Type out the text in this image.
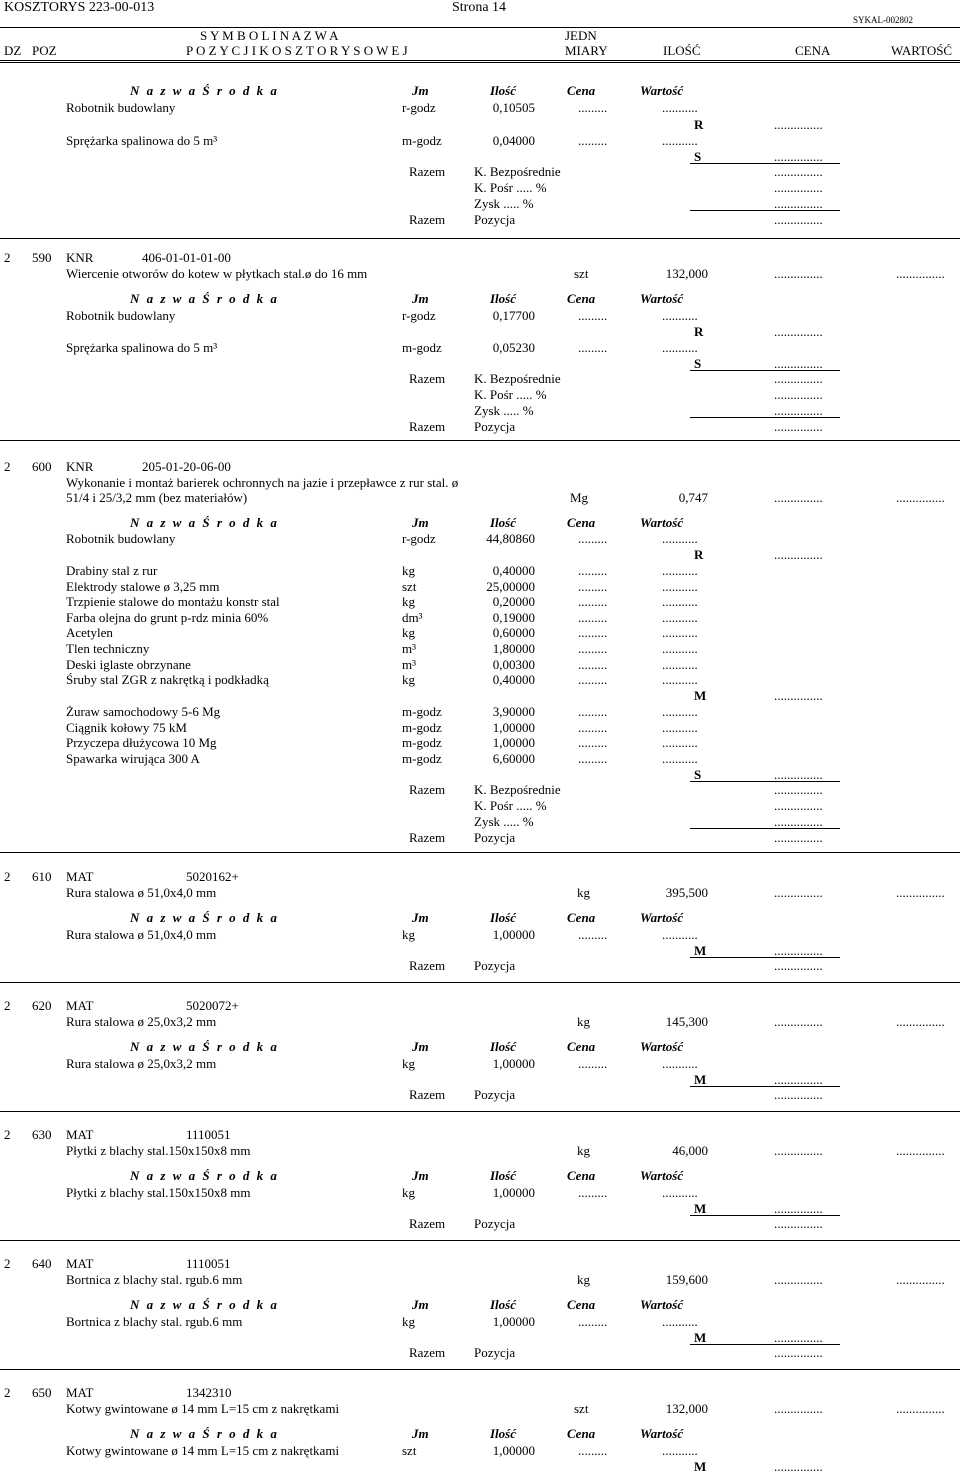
KOSZTORYS 223-00-013	Strona 14
SYKAL-002802
S Y M B O L I N A Z W A	JEDN
DZ POZ	P O Z Y C J I K O S Z T O R Y S O W E J	MIARY	ILOŚĆ	CENA	WARTOŚĆ
N a z w a Ś r o d k a	Jm	Ilość	Cena	Wartość
Robotnik budowlany	r-godz	0,10505	.........	...........
R	...............
Sprężarka spalinowa do 5 m³	m-godz	0,04000	.........	...........
S	...............
Razem K. Bezpośrednie	...............
K. Pośr ..... %	...............
Zysk ..... %	...............
Razem Pozycja	...............
2 590 KNR	406-01-01-01-00
Wiercenie otworów do kotew w płytkach stal.ø do 16 mm	szt	132,000	...............	...............
N a z w a Ś r o d k a	Jm	Ilość	Cena	Wartość
Robotnik budowlany	r-godz	0,17700	.........	...........
R	...............
Sprężarka spalinowa do 5 m³	m-godz	0,05230	.........	...........
S	...............
Razem K. Bezpośrednie	...............
K. Pośr ..... %	...............
Zysk ..... %	...............
Razem Pozycja	...............
2 600 KNR	205-01-20-06-00
Wykonanie i montaż barierek ochronnych na jazie i przepławce z rur stal. ø
51/4 i 25/3,2 mm (bez materiałów)	Mg	0,747	...............	...............
N a z w a Ś r o d k a	Jm	Ilość	Cena	Wartość
Robotnik budowlany	r-godz	44,80860	.........	...........
R	...............
Drabiny stal z rur	kg	0,40000	.........	...........
Elektrody stalowe ø 3,25 mm	szt	25,00000	.........	...........
Trzpienie stalowe do montażu konstr stal	kg	0,20000	.........	...........
Farba olejna do grunt p-rdz minia 60%	dm³	0,19000	.........	...........
Acetylen	kg	0,60000	.........	...........
Tlen techniczny	m³	1,80000	.........	...........
Deski iglaste obrzynane	m³	0,00300	.........	...........
Śruby stal ZGR z nakrętką i podkładką	kg	0,40000	.........	...........
M	...............
Żuraw samochodowy 5-6 Mg	m-godz	3,90000	.........	...........
Ciągnik kołowy 75 kM	m-godz	1,00000	.........	...........
Przyczepa dłużycowa 10 Mg	m-godz	1,00000	.........	...........
Spawarka wirująca 300 A	m-godz	6,60000	.........	...........
S	...............
Razem K. Bezpośrednie	...............
K. Pośr ..... %	...............
Zysk ..... %	...............
Razem Pozycja	...............
2 610 MAT	5020162+
Rura stalowa ø 51,0x4,0 mm	kg	395,500	...............	...............
N a z w a Ś r o d k a	Jm	Ilość	Cena	Wartość
Rura stalowa ø 51,0x4,0 mm	kg	1,00000	.........	...........
M	...............
Razem Pozycja	...............
2 620 MAT	5020072+
Rura stalowa ø 25,0x3,2 mm	kg	145,300	...............	...............
N a z w a Ś r o d k a	Jm	Ilość	Cena	Wartość
Rura stalowa ø 25,0x3,2 mm	kg	1,00000	.........	...........
M	...............
Razem Pozycja	...............
2 630 MAT	1110051
Płytki z blachy stal.150x150x8 mm	kg	46,000	...............	...............
N a z w a Ś r o d k a	Jm	Ilość	Cena	Wartość
Płytki z blachy stal.150x150x8 mm	kg	1,00000	.........	...........
M	...............
Razem Pozycja	...............
2 640 MAT	1110051
Bortnica z blachy stal. rgub.6 mm	kg	159,600	...............	...............
N a z w a Ś r o d k a	Jm	Ilość	Cena	Wartość
Bortnica z blachy stal. rgub.6 mm	kg	1,00000	.........	...........
M	...............
Razem Pozycja	...............
2 650 MAT	1342310
Kotwy gwintowane ø 14 mm L=15 cm z nakrętkami	szt	132,000	...............	...............
N a z w a Ś r o d k a	Jm	Ilość	Cena	Wartość
Kotwy gwintowane ø 14 mm L=15 cm z nakrętkami	szt	1,00000	.........	...........
M	...............
